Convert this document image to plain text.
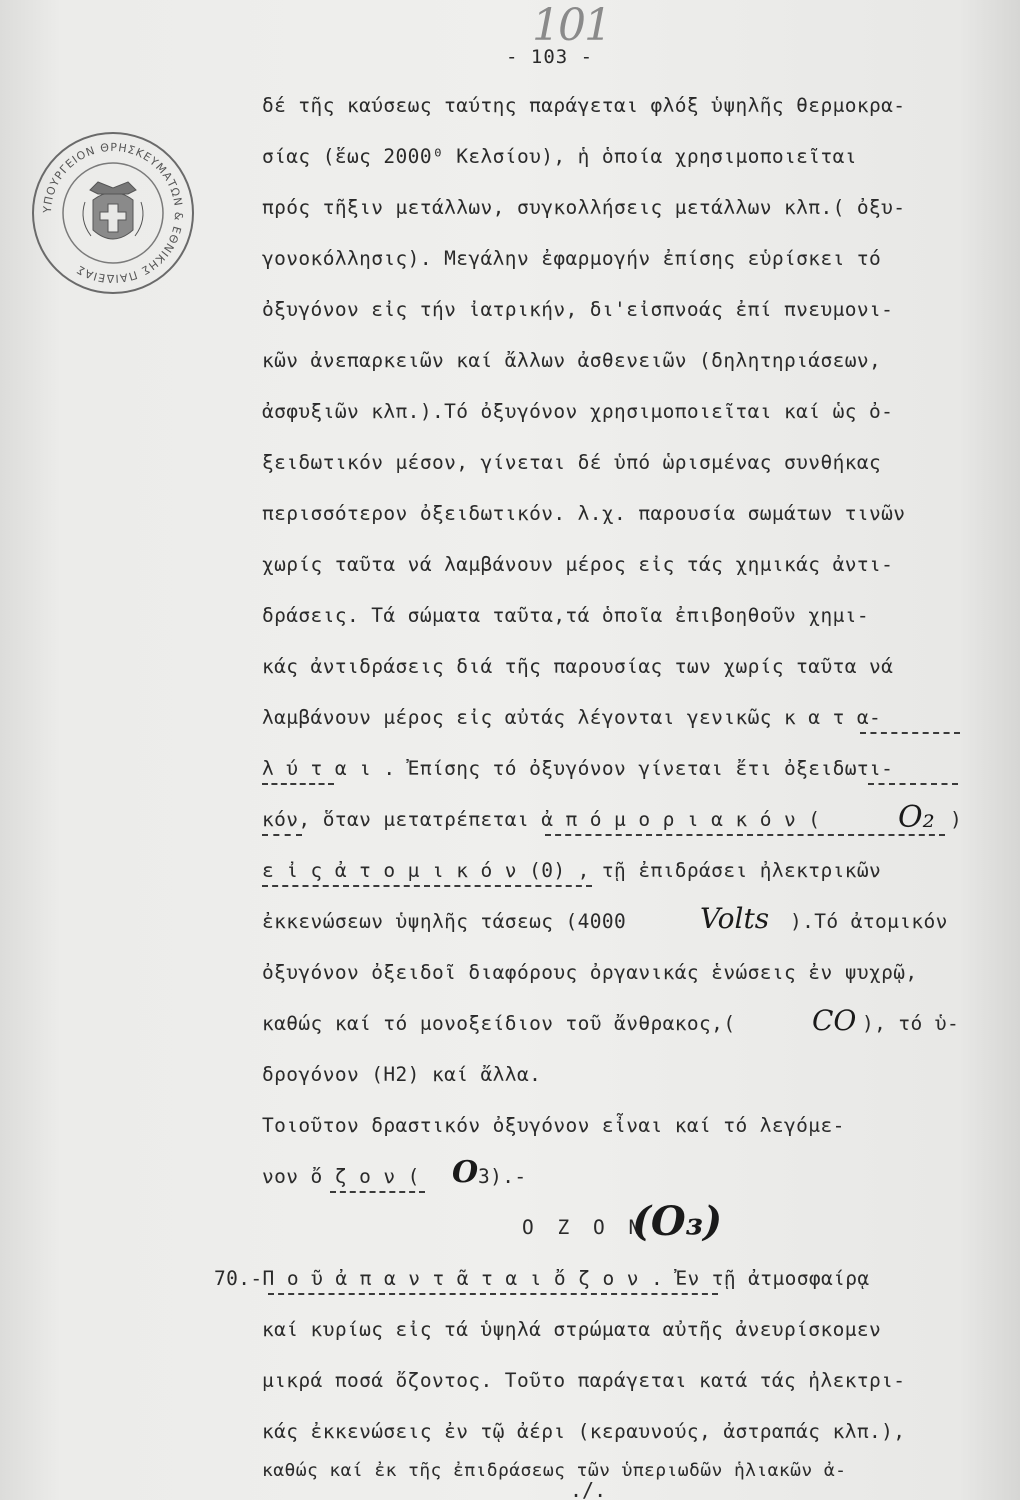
101
- 103 -
ΥΠΟΥΡΓΕΙΟΝ ΘΡΗΣΚΕΥΜΑΤΩΝ & ΕΘΝΙΚΗΣ ΠΑΙΔΕΙΑΣ
δέ τῆς καύσεως ταύτης παράγεται φλόξ ὑψηλῆς θερμοκρα-
σίας (ἕως 2000⁰ Κελσίου), ἡ ὁποία χρησιμοποιεῖται
πρός τῆξιν μετάλλων, συγκολλήσεις μετάλλων κλπ.( ὀξυ-
γονοκόλλησις). Μεγάλην ἐφαρμογήν ἐπίσης εὑρίσκει τό
ὀξυγόνον εἰς τήν ἰατρικήν, δι'εἰσπνοάς ἐπί πνευμονι-
κῶν ἀνεπαρκειῶν καί ἄλλων ἀσθενειῶν (δηλητηριάσεων,
ἀσφυξιῶν κλπ.).Τό ὀξυγόνον χρησιμοποιεῖται καί ὡς ὀ-
ξειδωτικόν μέσον, γίνεται δέ ὑπό ὡρισμένας συνθήκας
περισσότερον ὀξειδωτικόν. λ.χ. παρουσία σωμάτων τινῶν
χωρίς ταῦτα νά λαμβάνουν μέρος εἰς τάς χημικάς ἀντι-
δράσεις. Τά σώματα ταῦτα,τά ὁποῖα ἐπιβοηθοῦν χημι-
κάς ἀντιδράσεις διά τῆς παρουσίας των χωρίς ταῦτα νά
λαμβάνουν μέρος εἰς αὐτάς λέγονται γενικῶς κ α τ α-
λ ύ τ α ι . Ἐπίσης τό ὀξυγόνον γίνεται ἔτι ὀξειδωτι-
κόν, ὅταν μετατρέπεται ἀ π ό μ ο ρ ι α κ ό ν (	O₂ )
ε ἰ ς ἀ τ ο μ ι κ ό ν (0) , τῇ ἐπιδράσει ἠλεκτρικῶν
ἐκκενώσεων ὑψηλῆς τάσεως (4000	Volts ).Τό ἀτομικόν
ὀξυγόνον ὀξειδοῖ διαφόρους ὀργανικάς ἑνώσεις ἐν ψυχρῷ,
καθώς καί τό μονοξείδιον τοῦ ἄνθρακος,(	CO ), τό ὑ-
δρογόνον (Η2) καί ἄλλα.
Τοιοῦτον δραστικόν ὀξυγόνον εἶναι καί τό λεγόμε-
νον ὄ ζ ο ν ( O 3).-
O Z O N
(O₃)
70.-Π ο ῦ ἀ π α ν τ ᾶ τ α ι ὄ ζ ο ν . Ἐν τῇ ἀτμοσφαίρᾳ
καί κυρίως εἰς τά ὑψηλά στρώματα αὐτῆς ἀνευρίσκομεν
μικρά ποσά ὄζοντος. Τοῦτο παράγεται κατά τάς ἠλεκτρι-
κάς ἐκκενώσεις ἐν τῷ ἀέρι (κεραυνούς, ἀστραπάς κλπ.),
καθώς καί ἐκ τῆς ἐπιδράσεως τῶν ὑπεριωδῶν ἡλιακῶν ἀ-
./.
